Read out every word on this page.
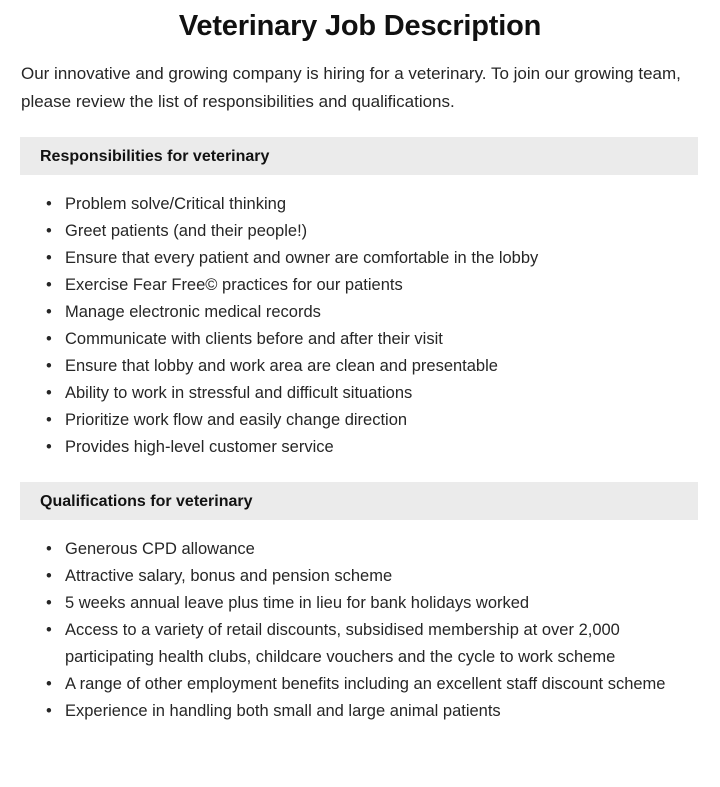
Veterinary Job Description

Our innovative and growing company is hiring for a veterinary. To join our growing team, please review the list of responsibilities and qualifications.

Responsibilities for veterinary
• Problem solve/Critical thinking
• Greet patients (and their people!)
• Ensure that every patient and owner are comfortable in the lobby
• Exercise Fear Free© practices for our patients
• Manage electronic medical records
• Communicate with clients before and after their visit
• Ensure that lobby and work area are clean and presentable
• Ability to work in stressful and difficult situations
• Prioritize work flow and easily change direction
• Provides high-level customer service
Qualifications for veterinary
• Generous CPD allowance
• Attractive salary, bonus and pension scheme
• 5 weeks annual leave plus time in lieu for bank holidays worked
• Access to a variety of retail discounts, subsidised membership at over 2,000 participating health clubs, childcare vouchers and the cycle to work scheme
• A range of other employment benefits including an excellent staff discount scheme
• Experience in handling both small and large animal patients
